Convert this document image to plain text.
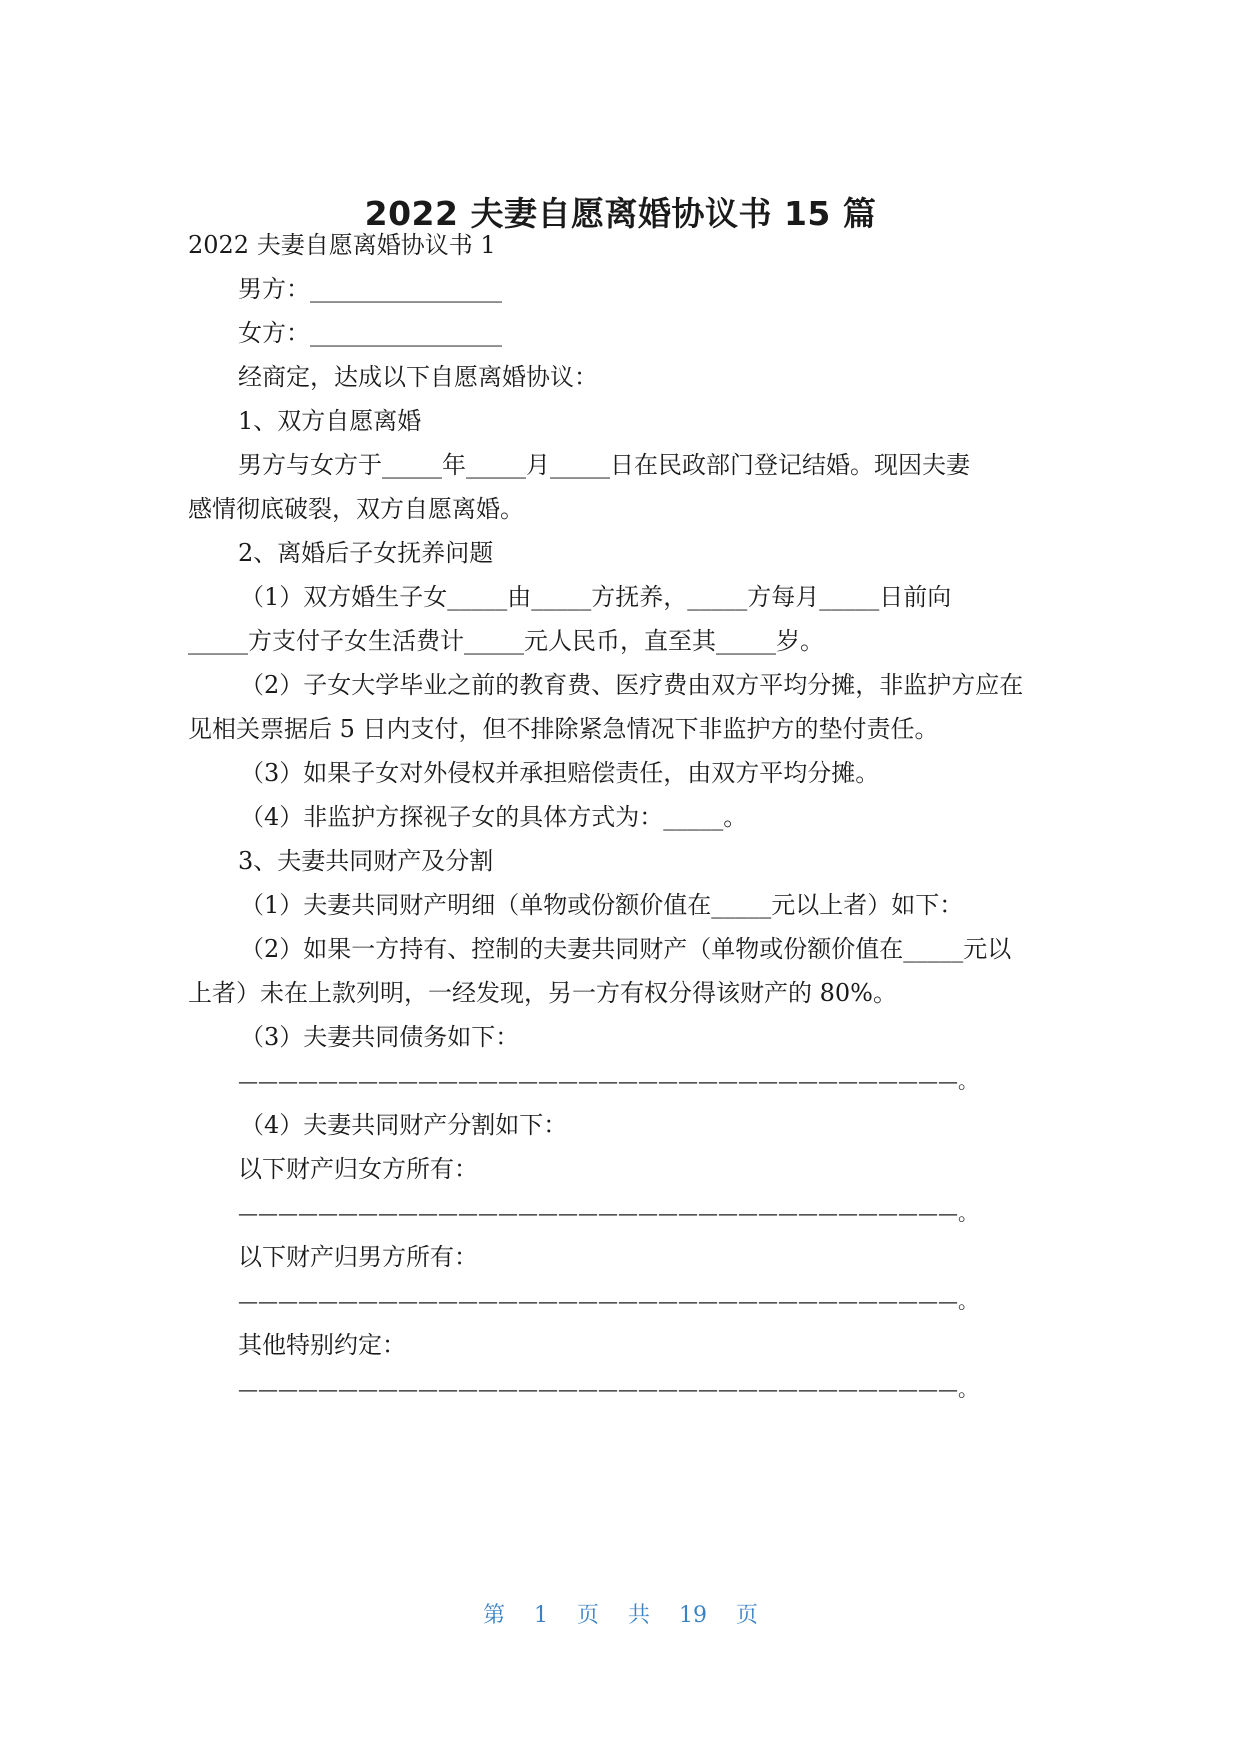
2022 夫妻自愿离婚协议书 15 篇
2022 夫妻自愿离婚协议书 1
男方：________________
女方：________________
经商定，达成以下自愿离婚协议：
1、双方自愿离婚
男方与女方于_____年_____月_____日在民政部门登记结婚。现因夫妻
感情彻底破裂，双方自愿离婚。
2、离婚后子女抚养问题
（1）双方婚生子女_____由_____方抚养，_____方每月_____日前向
_____方支付子女生活费计_____元人民币，直至其_____岁。
（2）子女大学毕业之前的教育费、医疗费由双方平均分摊，非监护方应在
见相关票据后 5 日内支付，但不排除紧急情况下非监护方的垫付责任。
（3）如果子女对外侵权并承担赔偿责任，由双方平均分摊。
（4）非监护方探视子女的具体方式为：_____。
3、夫妻共同财产及分割
（1）夫妻共同财产明细（单物或份额价值在_____元以上者）如下：
（2）如果一方持有、控制的夫妻共同财产（单物或份额价值在_____元以
上者）未在上款列明，一经发现，另一方有权分得该财产的 80%。
（3）夫妻共同债务如下：
————————————————————————————————————。
（4）夫妻共同财产分割如下：
以下财产归女方所有：
————————————————————————————————————。
以下财产归男方所有：
————————————————————————————————————。
其他特别约定：
————————————————————————————————————。
第 1 页 共 19 页
